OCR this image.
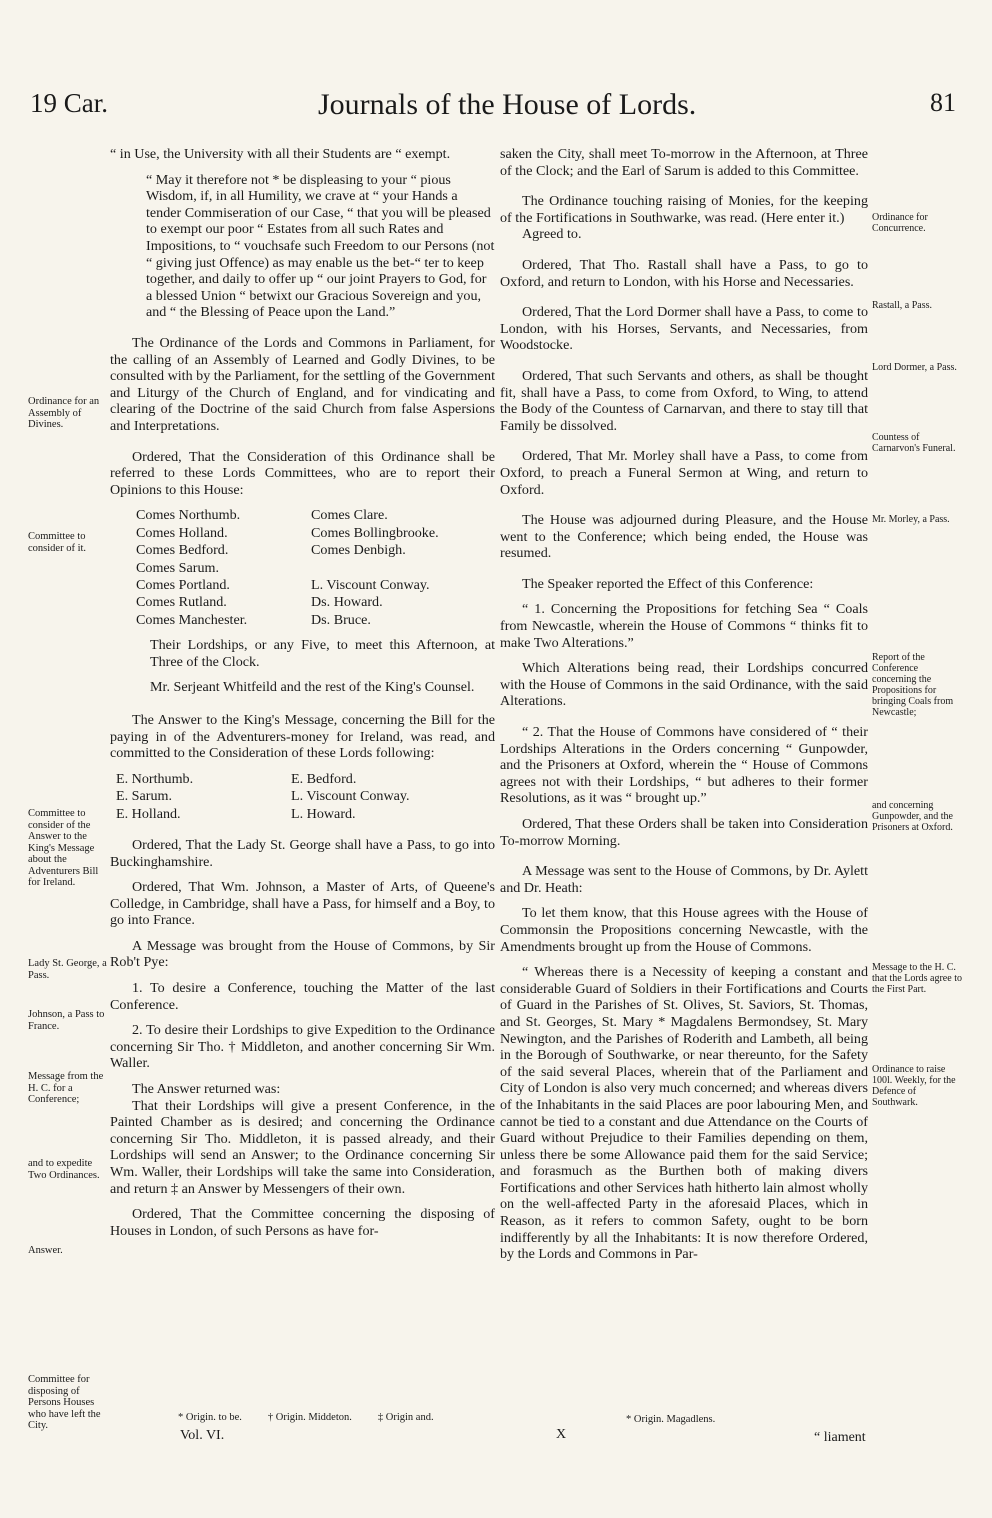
19 Car.	Journals of the House of Lords.	81

“ in Use, the University with all their Students are “ exempt.

“ May it therefore not * be displeasing to your “ pious Wisdom, if, in all Humility, we crave at “ your Hands a tender Commiseration of our Case, “ that you will be pleased to exempt our poor “ Estates from all such Rates and Impositions, to “ vouchsafe such Freedom to our Persons (not “ giving just Offence) as may enable us the bet-“ ter to keep together, and daily to offer up “ our joint Prayers to God, for a blessed Union “ betwixt our Gracious Sovereign and you, and “ the Blessing of Peace upon the Land.”

The Ordinance of the Lords and Commons in Parliament, for the calling of an Assembly of Learned and Godly Divines, to be consulted with by the Parliament, for the settling of the Government and Liturgy of the Church of England, and for vindicating and clearing of the Doctrine of the said Church from false Aspersions and Interpretations.

Ordered, That the Consideration of this Ordinance shall be referred to these Lords Committees, who are to report their Opinions to this House:

Comes Northumb.	Comes Clare.
Comes Holland.	Comes Bollingbrooke.
Comes Bedford.	Comes Denbigh.
Comes Sarum.
Comes Portland.	L. Viscount Conway.
Comes Rutland.	Ds. Howard.
Comes Manchester.	Ds. Bruce.

Their Lordships, or any Five, to meet this Afternoon, at Three of the Clock.

Mr. Serjeant Whitfeild and the rest of the King's Counsel.

The Answer to the King's Message, concerning the Bill for the paying in of the Adventurers-money for Ireland, was read, and committed to the Consideration of these Lords following:

E. Northumb.	E. Bedford.
E. Sarum.	L. Viscount Conway.
E. Holland.	L. Howard.

Ordered, That the Lady St. George shall have a Pass, to go into Buckinghamshire.

Ordered, That Wm. Johnson, a Master of Arts, of Queene's Colledge, in Cambridge, shall have a Pass, for himself and a Boy, to go into France.

A Message was brought from the House of Commons, by Sir Rob't Pye:

1. To desire a Conference, touching the Matter of the last Conference.

2. To desire their Lordships to give Expedition to the Ordinance concerning Sir Tho. † Middleton, and another concerning Sir Wm. Waller.

The Answer returned was:

That their Lordships will give a present Conference, in the Painted Chamber as is desired; and concerning the Ordinance concerning Sir Tho. Middleton, it is passed already, and their Lordships will send an Answer; to the Ordinance concerning Sir Wm. Waller, their Lordships will take the same into Consideration, and return ‡ an Answer by Messengers of their own.

Ordered, That the Committee concerning the disposing of Houses in London, of such Persons as have for-

Ordinance for an Assembly of Divines.
Committee to consider of it.
Committee to consider of the Answer to the King's Message about the Adventurers Bill for Ireland.
Lady St. George, a Pass.
Johnson, a Pass to France.
Message from the H. C. for a Conference;
and to expedite Two Ordinances.
Answer.
Committee for disposing of Persons Houses who have left the City.

saken the City, shall meet To-morrow in the Afternoon, at Three of the Clock; and the Earl of Sarum is added to this Committee.

The Ordinance touching raising of Monies, for the keeping of the Fortifications in Southwarke, was read. (Here enter it.)

Agreed to.

Ordered, That Tho. Rastall shall have a Pass, to go to Oxford, and return to London, with his Horse and Necessaries.

Ordered, That the Lord Dormer shall have a Pass, to come to London, with his Horses, Servants, and Necessaries, from Woodstocke.

Ordered, That such Servants and others, as shall be thought fit, shall have a Pass, to come from Oxford, to Wing, to attend the Body of the Countess of Carnarvan, and there to stay till that Family be dissolved.

Ordered, That Mr. Morley shall have a Pass, to come from Oxford, to preach a Funeral Sermon at Wing, and return to Oxford.

The House was adjourned during Pleasure, and the House went to the Conference; which being ended, the House was resumed.

The Speaker reported the Effect of this Conference:

“ 1. Concerning the Propositions for fetching Sea “ Coals from Newcastle, wherein the House of Commons “ thinks fit to make Two Alterations.”

Which Alterations being read, their Lordships concurred with the House of Commons in the said Ordinance, with the said Alterations.

“ 2. That the House of Commons have considered of “ their Lordships Alterations in the Orders concerning “ Gunpowder, and the Prisoners at Oxford, wherein the “ House of Commons agrees not with their Lordships, “ but adheres to their former Resolutions, as it was “ brought up.”

Ordered, That these Orders shall be taken into Consideration To-morrow Morning.

A Message was sent to the House of Commons, by Dr. Aylett and Dr. Heath:

To let them know, that this House agrees with the House of Commonsin the Propositions concerning Newcastle, with the Amendments brought up from the House of Commons.

“ Whereas there is a Necessity of keeping a constant and considerable Guard of Soldiers in their Fortifications and Courts of Guard in the Parishes of St. Olives, St. Saviors, St. Thomas, and St. Georges, St. Mary * Magdalens Bermondsey, St. Mary Newington, and the Parishes of Roderith and Lambeth, all being in the Borough of Southwarke, or near thereunto, for the Safety of the said several Places, wherein that of the Parliament and City of London is also very much concerned; and whereas divers of the Inhabitants in the said Places are poor labouring Men, and cannot be tied to a constant and due Attendance on the Courts of Guard without Prejudice to their Families depending on them, unless there be some Allowance paid them for the said Service; and forasmuch as the Burthen both of making divers Fortifications and other Services hath hitherto lain almost wholly on the well-affected Party in the aforesaid Places, which in Reason, as it refers to common Safety, ought to be born indifferently by all the Inhabitants: It is now therefore Ordered, by the Lords and Commons in Par-

Ordinance for Concurrence.
Rastall, a Pass.
Lord Dormer, a Pass.
Countess of Carnarvon's Funeral.
Mr. Morley, a Pass.
Report of the Conference concerning the Propositions for bringing Coals from Newcastle;
and concerning Gunpowder, and the Prisoners at Oxford.
Message to the H. C. that the Lords agree to the First Part.
Ordinance to raise 100l. Weekly, for the Defence of Southwark.
* Origin. to be. † Origin. Middeton. ‡ Origin and.
Vol. VI.	X
* Origin. Magadlens.
“ liament
